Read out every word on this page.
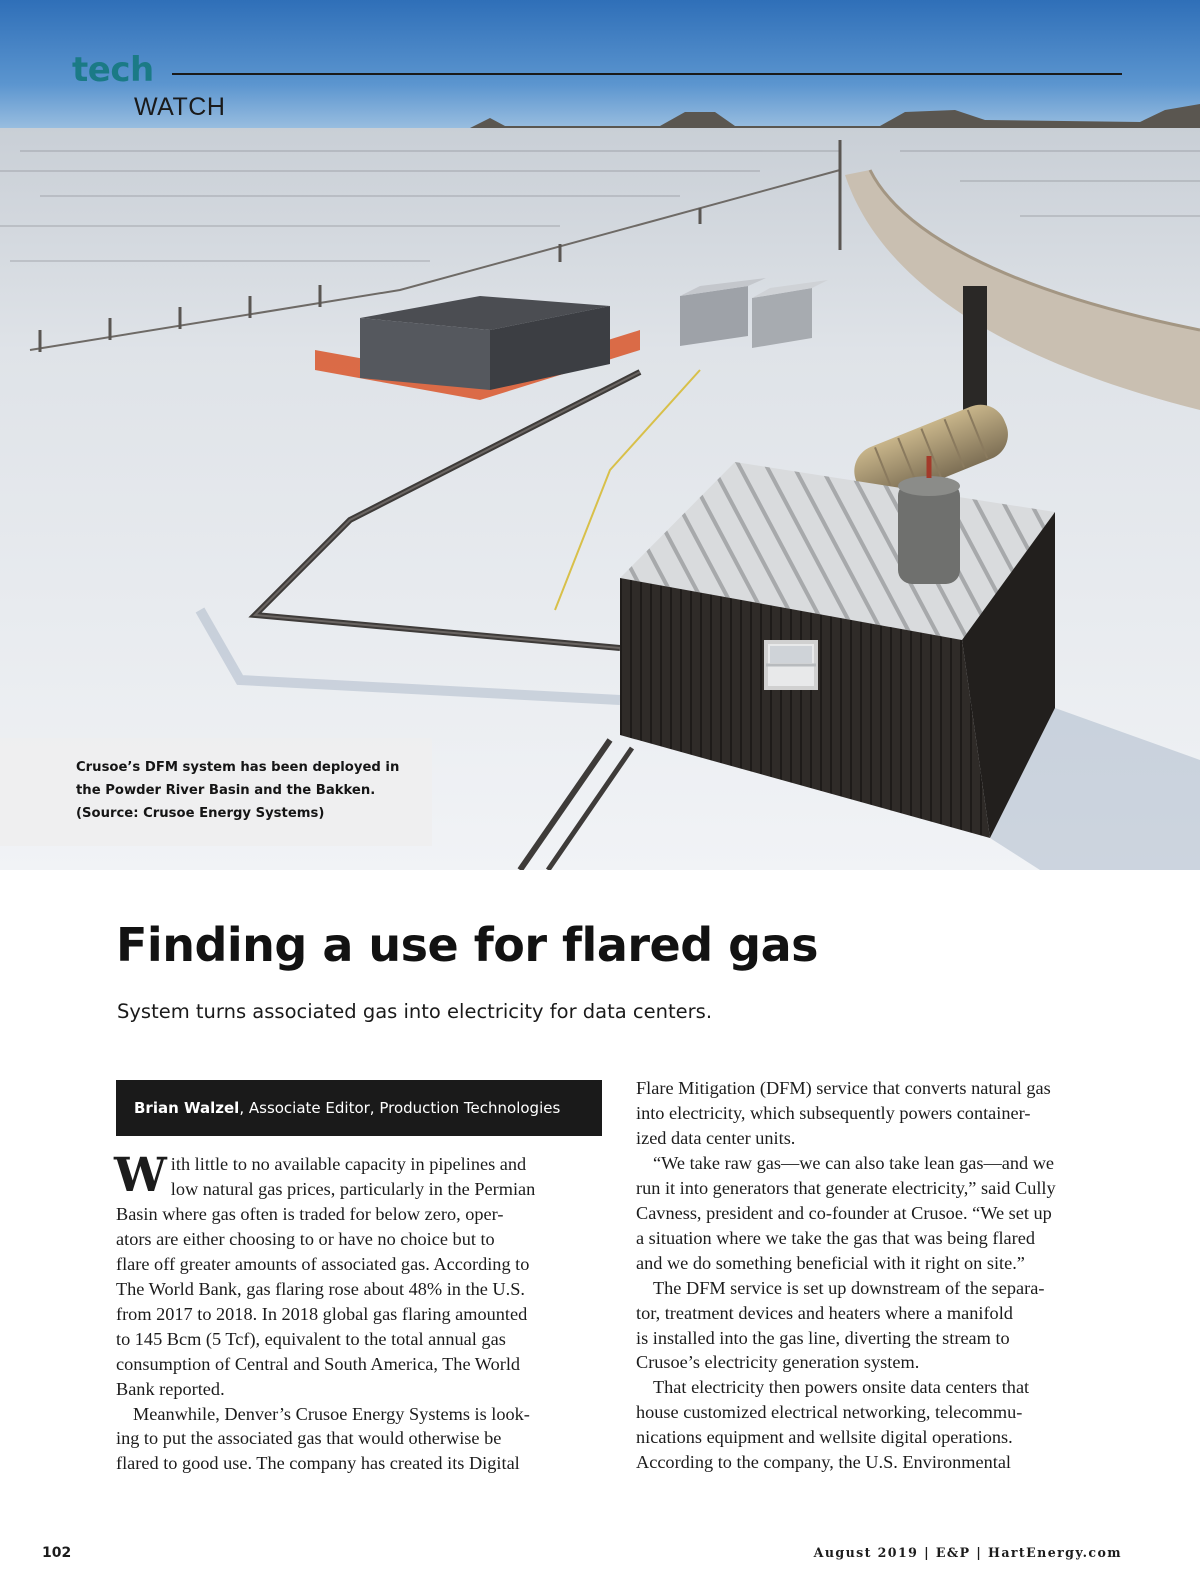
tech
WATCH
Crusoe’s DFM system has been deployed in
the Powder River Basin and the Bakken.
(Source: Crusoe Energy Systems)
Finding a use for flared gas

System turns associated gas into electricity for data centers.

Brian Walzel, Associate Editor, Production Technologies
W ith little to no available capacity in pipelines and
low natural gas prices, particularly in the Permian
Basin where gas often is traded for below zero, oper-
ators are either choosing to or have no choice but to
flare off greater amounts of associated gas. According to
The World Bank, gas flaring rose about 48% in the U.S.
from 2017 to 2018. In 2018 global gas flaring amounted
to 145 Bcm (5 Tcf), equivalent to the total annual gas
consumption of Central and South America, The World
Bank reported.
Meanwhile, Denver’s Crusoe Energy Systems is look-
ing to put the associated gas that would otherwise be
flared to good use. The company has created its Digital
Flare Mitigation (DFM) service that converts natural gas
into electricity, which subsequently powers container-
ized data center units.
“We take raw gas—we can also take lean gas—and we
run it into generators that generate electricity,” said Cully
Cavness, president and co-founder at Crusoe. “We set up
a situation where we take the gas that was being flared
and we do something beneficial with it right on site.”
The DFM service is set up downstream of the separa-
tor, treatment devices and heaters where a manifold
is installed into the gas line, diverting the stream to
Crusoe’s electricity generation system.
That electricity then powers onsite data centers that
house customized electrical networking, telecommu-
nications equipment and wellsite digital operations.
According to the company, the U.S. Environmental
102	August 2019 | E&P | HartEnergy.com
